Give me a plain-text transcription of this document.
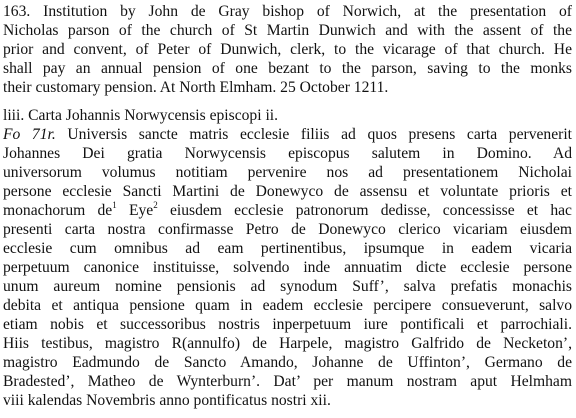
163. Institution by John de Gray bishop of Norwich, at the presentation of
Nicholas parson of the church of St Martin Dunwich and with the assent of the
prior and convent, of Peter of Dunwich, clerk, to the vicarage of that church. He
shall pay an annual pension of one bezant to the parson, saving to the monks
their customary pension. At North Elmham. 25 October 1211.
liii. Carta Johannis Norwycensis episcopi ii.
Fo 71r. Universis sancte matris ecclesie filiis ad quos presens carta pervenerit
Johannes Dei gratia Norwycensis episcopus salutem in Domino. Ad
universorum volumus notitiam pervenire nos ad presentationem Nicholai
persone ecclesie Sancti Martini de Donewyco de assensu et voluntate prioris et
monachorum $de^1$ Eye$^2$ eiusdem ecclesie patronorum dedisse, concessisse et hac
presenti carta nostra confirmasse Petro de Donewyco clerico vicariam eiusdem
ecclesie cum omnibus ad eam pertinentibus, ipsumque in eadem vicaria
perpetuum canonice instituisse, solvendo inde annuatim dicte ecclesie persone
unum aureum nomine pensionis ad synodum Suff’, salva prefatis monachis
debita et antiqua pensione quam in eadem ecclesie percipere consueverunt, salvo
etiam nobis et successoribus nostris inperpetuum iure pontificali et parrochiali.
Hiis testibus, magistro R(annulfo) de Harpele, magistro Galfrido de Necketon’,
magistro Eadmundo de Sancto Amando, Johanne de Uffinton’, Germano de
Bradested’, Matheo de Wynterburn’. Dat’ per manum nostram aput Helmham
viii kalendas Novembris anno pontificatus nostri xii.
